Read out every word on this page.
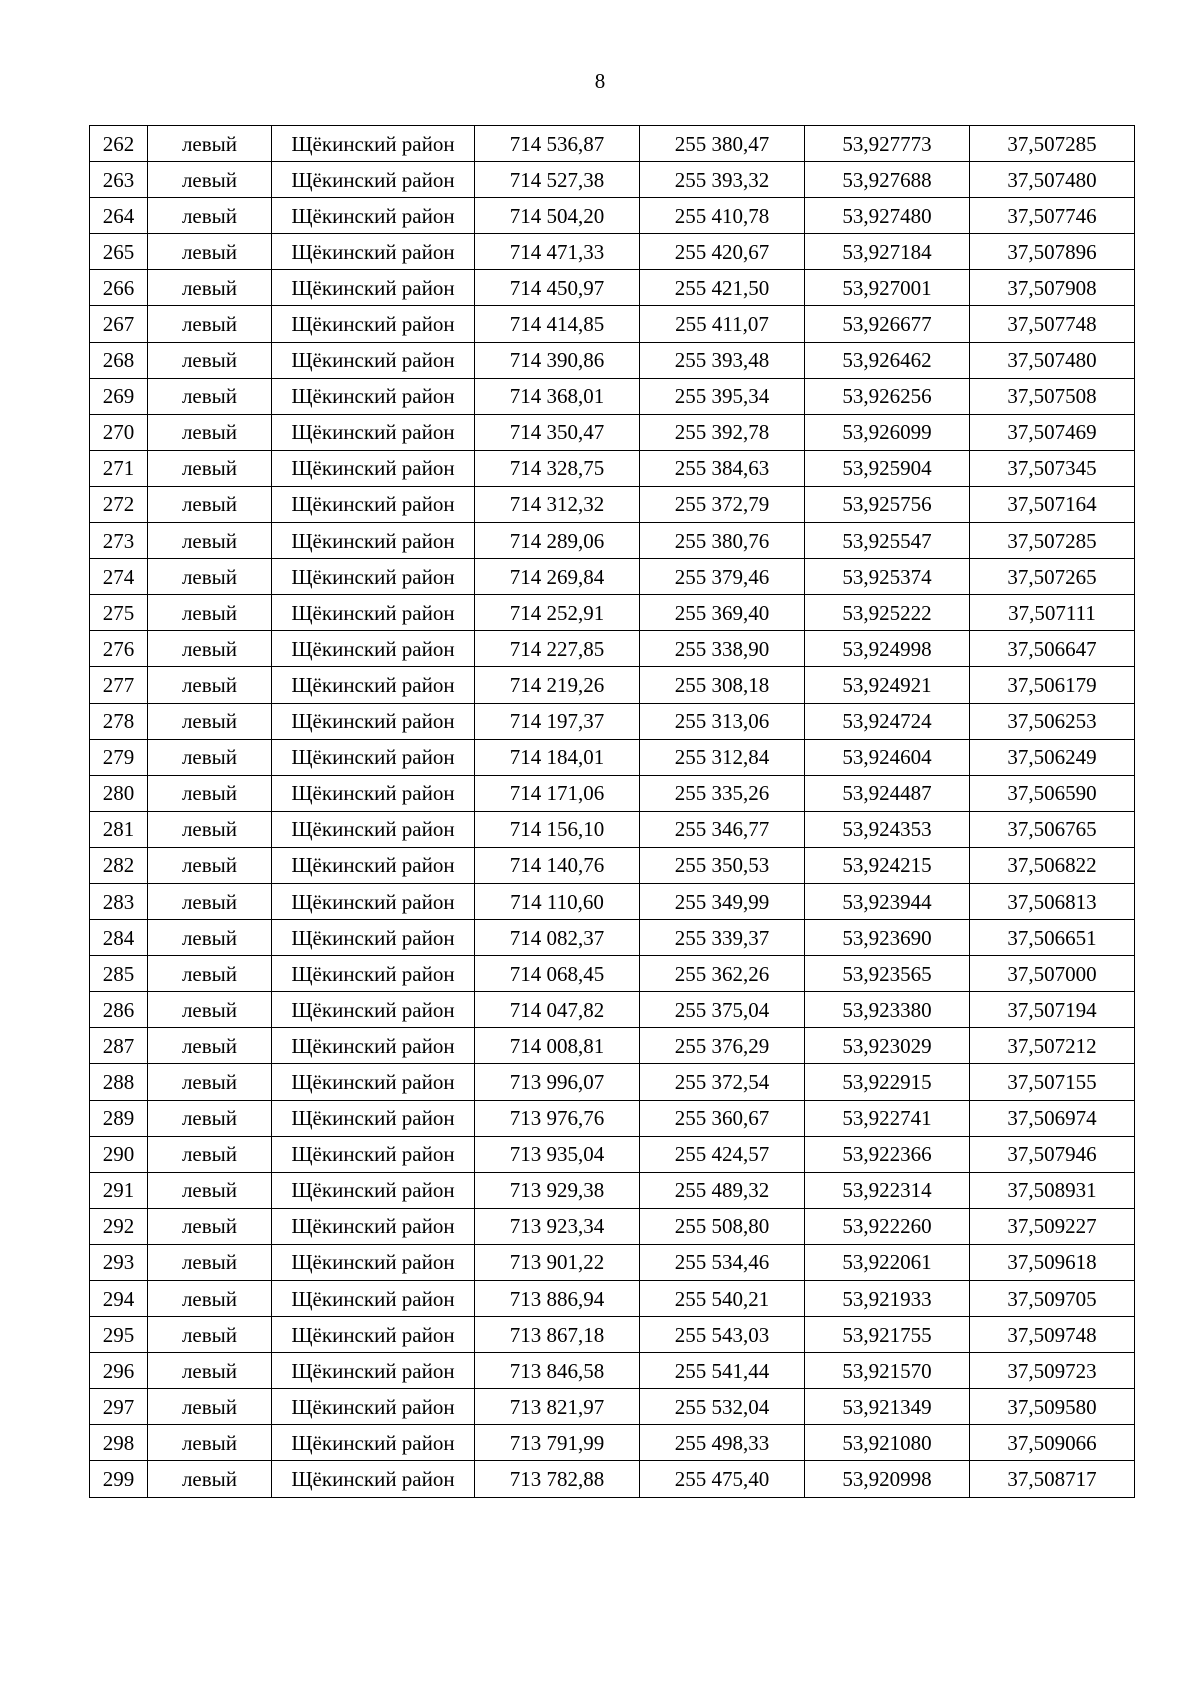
8
262	левый	Щёкинский район	714 536,87	255 380,47	53,927773	37,507285
263	левый	Щёкинский район	714 527,38	255 393,32	53,927688	37,507480
264	левый	Щёкинский район	714 504,20	255 410,78	53,927480	37,507746
265	левый	Щёкинский район	714 471,33	255 420,67	53,927184	37,507896
266	левый	Щёкинский район	714 450,97	255 421,50	53,927001	37,507908
267	левый	Щёкинский район	714 414,85	255 411,07	53,926677	37,507748
268	левый	Щёкинский район	714 390,86	255 393,48	53,926462	37,507480
269	левый	Щёкинский район	714 368,01	255 395,34	53,926256	37,507508
270	левый	Щёкинский район	714 350,47	255 392,78	53,926099	37,507469
271	левый	Щёкинский район	714 328,75	255 384,63	53,925904	37,507345
272	левый	Щёкинский район	714 312,32	255 372,79	53,925756	37,507164
273	левый	Щёкинский район	714 289,06	255 380,76	53,925547	37,507285
274	левый	Щёкинский район	714 269,84	255 379,46	53,925374	37,507265
275	левый	Щёкинский район	714 252,91	255 369,40	53,925222	37,507111
276	левый	Щёкинский район	714 227,85	255 338,90	53,924998	37,506647
277	левый	Щёкинский район	714 219,26	255 308,18	53,924921	37,506179
278	левый	Щёкинский район	714 197,37	255 313,06	53,924724	37,506253
279	левый	Щёкинский район	714 184,01	255 312,84	53,924604	37,506249
280	левый	Щёкинский район	714 171,06	255 335,26	53,924487	37,506590
281	левый	Щёкинский район	714 156,10	255 346,77	53,924353	37,506765
282	левый	Щёкинский район	714 140,76	255 350,53	53,924215	37,506822
283	левый	Щёкинский район	714 110,60	255 349,99	53,923944	37,506813
284	левый	Щёкинский район	714 082,37	255 339,37	53,923690	37,506651
285	левый	Щёкинский район	714 068,45	255 362,26	53,923565	37,507000
286	левый	Щёкинский район	714 047,82	255 375,04	53,923380	37,507194
287	левый	Щёкинский район	714 008,81	255 376,29	53,923029	37,507212
288	левый	Щёкинский район	713 996,07	255 372,54	53,922915	37,507155
289	левый	Щёкинский район	713 976,76	255 360,67	53,922741	37,506974
290	левый	Щёкинский район	713 935,04	255 424,57	53,922366	37,507946
291	левый	Щёкинский район	713 929,38	255 489,32	53,922314	37,508931
292	левый	Щёкинский район	713 923,34	255 508,80	53,922260	37,509227
293	левый	Щёкинский район	713 901,22	255 534,46	53,922061	37,509618
294	левый	Щёкинский район	713 886,94	255 540,21	53,921933	37,509705
295	левый	Щёкинский район	713 867,18	255 543,03	53,921755	37,509748
296	левый	Щёкинский район	713 846,58	255 541,44	53,921570	37,509723
297	левый	Щёкинский район	713 821,97	255 532,04	53,921349	37,509580
298	левый	Щёкинский район	713 791,99	255 498,33	53,921080	37,509066
299	левый	Щёкинский район	713 782,88	255 475,40	53,920998	37,508717
